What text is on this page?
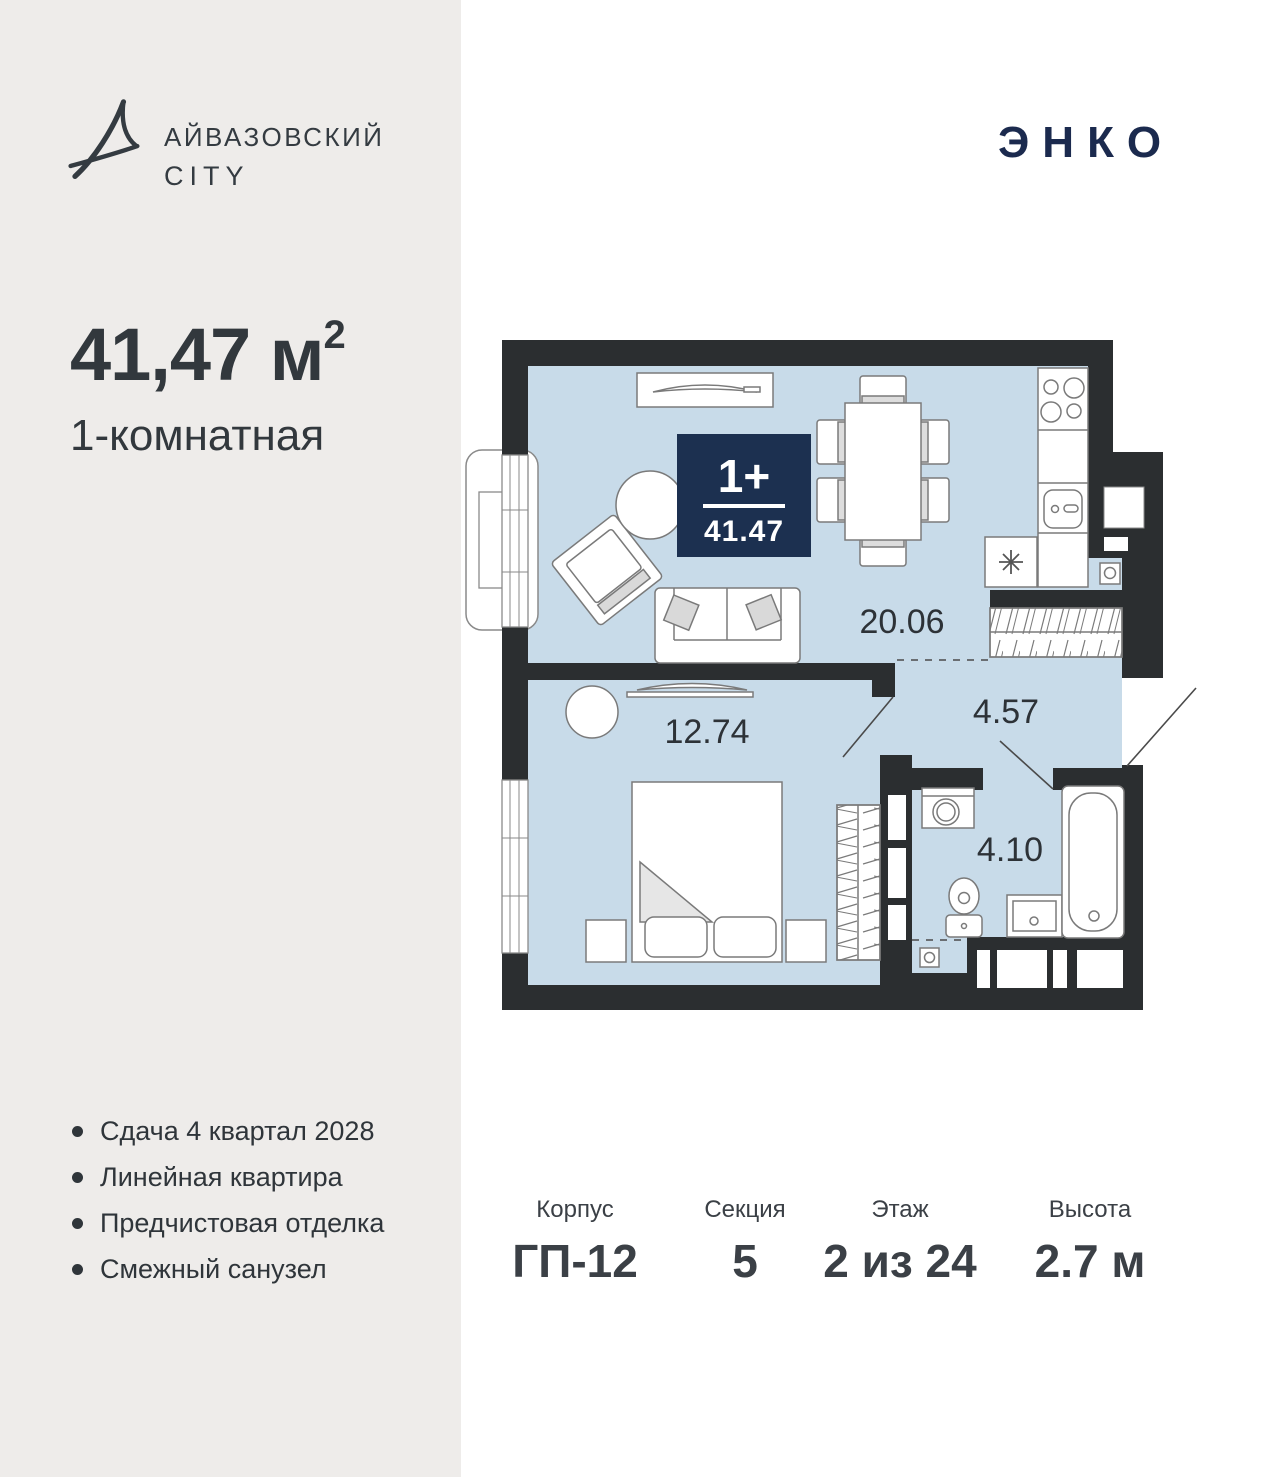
АЙВАЗОВСКИЙ
CITY
ЭНКО
41,47 $м^2$
1-комнатная
Сдача 4 квартал 2028
Линейная квартира
Предчистовая отделка
Смежный санузел
Корпус
ГП-12
Секция
5
Этаж
2 из 24
Высота
2.7 м
1+
41.47
20.06
12.74
4.57
4.10
